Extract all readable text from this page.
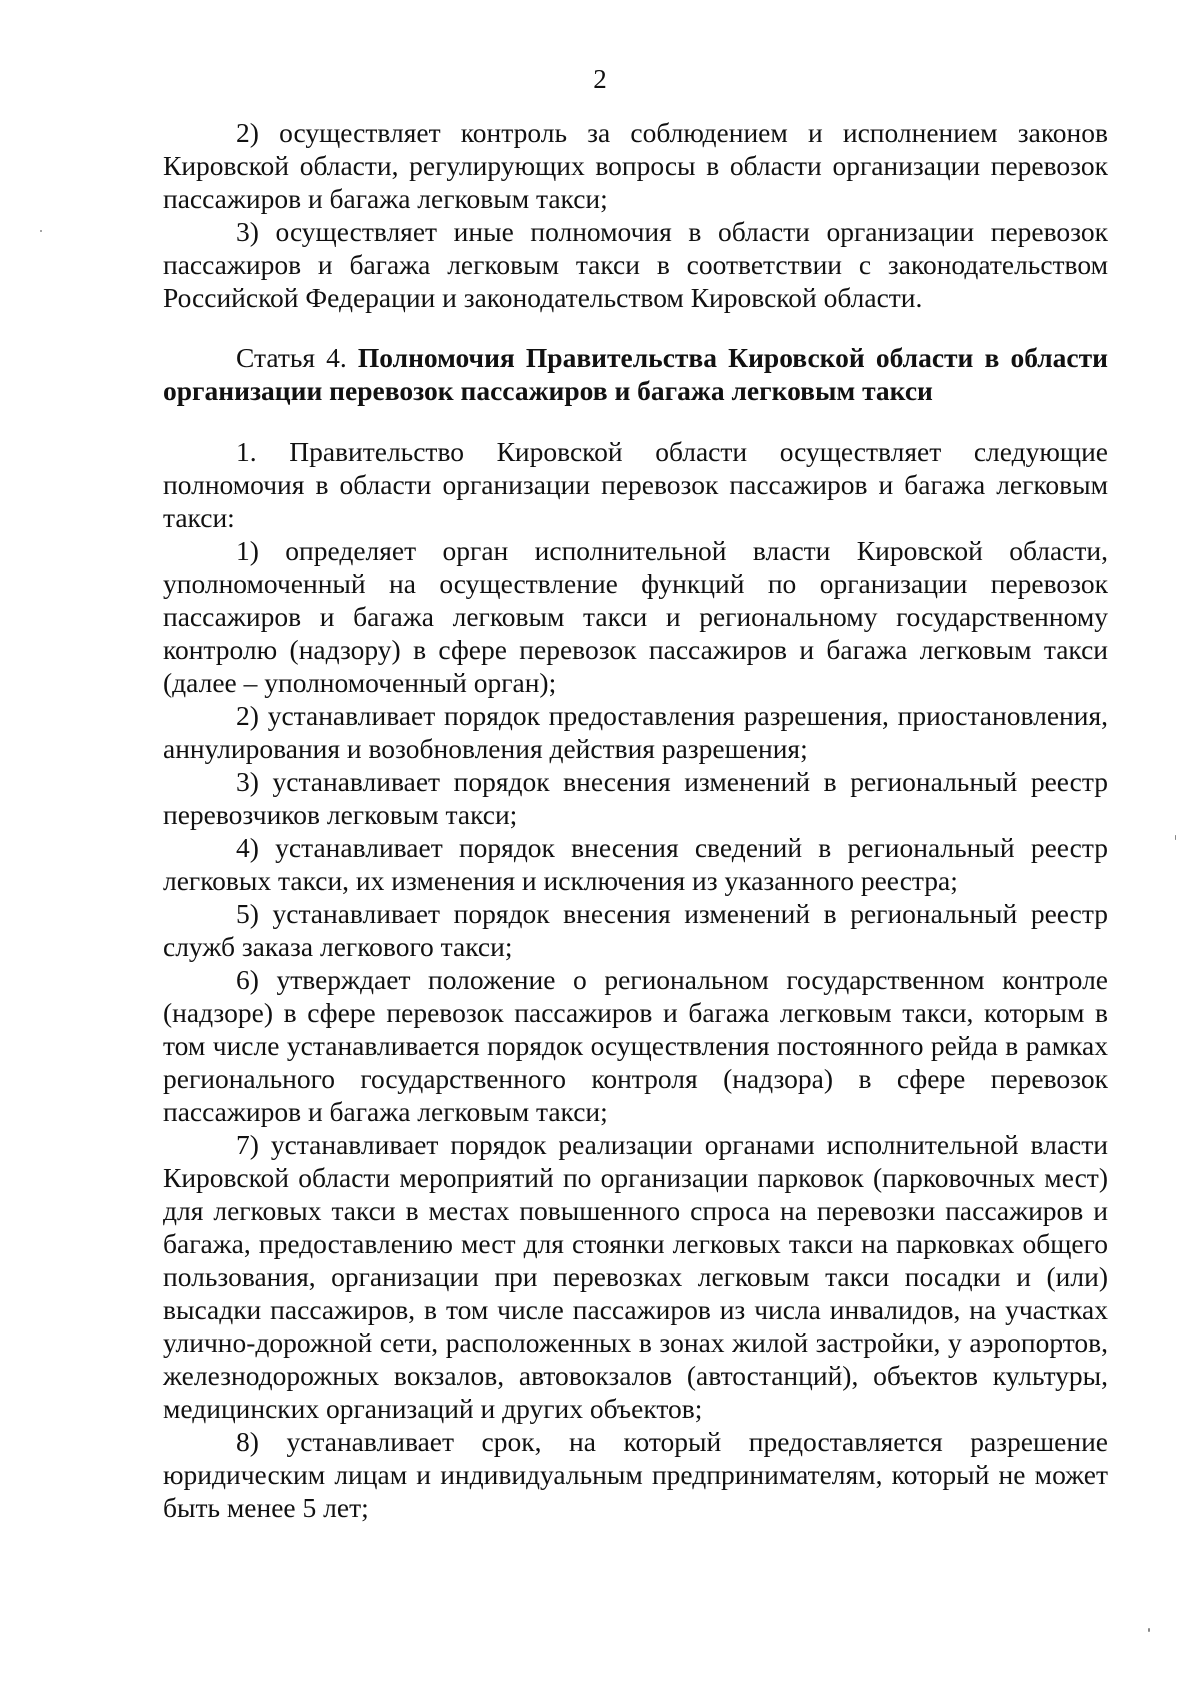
2

2) осуществляет контроль за соблюдением и исполнением законов Кировской области, регулирующих вопросы в области организации перевозок пассажиров и багажа легковым такси;

3) осуществляет иные полномочия в области организации перевозок пассажиров и багажа легковым такси в соответствии с законодательством Российской Федерации и законодательством Кировской области.

Статья 4. Полномочия Правительства Кировской области в области организации перевозок пассажиров и багажа легковым такси

1. Правительство Кировской области осуществляет следующие полномочия в области организации перевозок пассажиров и багажа легковым такси:

1) определяет орган исполнительной власти Кировской области, уполномоченный на осуществление функций по организации перевозок пассажиров и багажа легковым такси и региональному государственному контролю (надзору) в сфере перевозок пассажиров и багажа легковым такси (далее – уполномоченный орган);

2) устанавливает порядок предоставления разрешения, приостановления, аннулирования и возобновления действия разрешения;

3) устанавливает порядок внесения изменений в региональный реестр перевозчиков легковым такси;

4) устанавливает порядок внесения сведений в региональный реестр легковых такси, их изменения и исключения из указанного реестра;

5) устанавливает порядок внесения изменений в региональный реестр служб заказа легкового такси;

6) утверждает положение о региональном государственном контроле (надзоре) в сфере перевозок пассажиров и багажа легковым такси, которым в том числе устанавливается порядок осуществления постоянного рейда в рамках регионального государственного контроля (надзора) в сфере перевозок пассажиров и багажа легковым такси;

7) устанавливает порядок реализации органами исполнительной власти Кировской области мероприятий по организации парковок (парковочных мест) для легковых такси в местах повышенного спроса на перевозки пассажиров и багажа, предоставлению мест для стоянки легковых такси на парковках общего пользования, организации при перевозках легковым такси посадки и (или) высадки пассажиров, в том числе пассажиров из числа инвалидов, на участках улично-дорожной сети, расположенных в зонах жилой застройки, у аэропортов, железнодорожных вокзалов, автовокзалов (автостанций), объектов культуры, медицинских организаций и других объектов;

8) устанавливает срок, на который предоставляется разрешение юридическим лицам и индивидуальным предпринимателям, который не может быть менее 5 лет;
